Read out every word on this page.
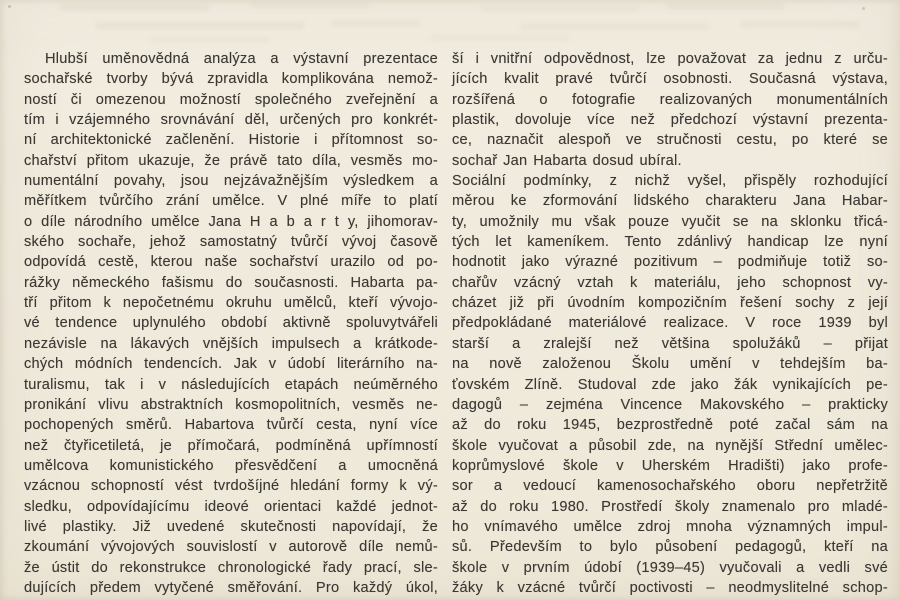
Hlubší uměnovědná analýza a výstavní prezentace
sochařské tvorby bývá zpravidla komplikována nemož-
ností či omezenou možností společného zveřejnění a
tím i vzájemného srovnávání děl, určených pro konkrét-
ní architektonické začlenění. Historie i přítomnost so-
chařství přitom ukazuje, že právě tato díla, vesměs mo-
numentální povahy, jsou nejzávažnějším výsledkem a
měřítkem tvůrčího zrání umělce. V plné míře to platí
o díle národního umělce Jana H a b a r t y, jihomorav-
ského sochaře, jehož samostatný tvůrčí vývoj časově
odpovídá cestě, kterou naše sochařství urazilo od po-
rážky německého fašismu do současnosti. Habarta pa-
tří přitom k nepočetnému okruhu umělců, kteří vývojo-
vé tendence uplynulého období aktivně spoluvytvářeli
nezávisle na lákavých vnějších impulsech a krátkode-
chých módních tendencích. Jak v údobí literárního na-
turalismu, tak i v následujících etapách neúměrného
pronikání vlivu abstraktních kosmopolitních, vesměs ne-
pochopených směrů. Habartova tvůrčí cesta, nyní více
než čtyřicetiletá, je přímočará, podmíněná upřímností
umělcova komunistického přesvědčení a umocněná
vzácnou schopností vést tvrdošíjné hledání formy k vý-
sledku, odpovídajícímu ideové orientaci každé jednot-
livé plastiky. Již uvedené skutečnosti napovídají, že
zkoumání vývojových souvislostí v autorově díle nemů-
že ústit do rekonstrukce chronologické řady prací, sle-
dujících předem vytyčené směřování. Pro každý úkol,
ší i vnitřní odpovědnost, lze považovat za jednu z urču-
jících kvalit pravé tvůrčí osobnosti. Současná výstava,
rozšířená o fotografie realizovaných monumentálních
plastik, dovoluje více než předchozí výstavní prezenta-
ce, naznačit alespoň ve stručnosti cestu, po které se
sochař Jan Habarta dosud ubíral.
Sociální podmínky, z nichž vyšel, přispěly rozhodující
měrou ke zformování lidského charakteru Jana Habar-
ty, umožnily mu však pouze vyučit se na sklonku třicá-
tých let kameníkem. Tento zdánlivý handicap lze nyní
hodnotit jako výrazné pozitivum – podmiňuje totiž so-
chařův vzácný vztah k materiálu, jeho schopnost vy-
cházet již při úvodním kompozičním řešení sochy z její
předpokládané materiálové realizace. V roce 1939 byl
starší a zralejší než většina spolužáků – přijat
na nově založenou Školu umění v tehdejším ba-
ťovském Zlíně. Studoval zde jako žák vynikajících pe-
dagogů – zejména Vincence Makovského – prakticky
až do roku 1945, bezprostředně poté začal sám na
škole vyučovat a působil zde, na nynější Střední umělec-
koprůmyslové škole v Uherském Hradišti) jako profe-
sor a vedoucí kamenosochařského oboru nepřetržitě
až do roku 1980. Prostředí školy znamenalo pro mladé-
ho vnímavého umělce zdroj mnoha významných impul-
sů. Především to bylo působení pedagogů, kteří na
škole v prvním údobí (1939–45) vyučovali a vedli své
žáky k vzácné tvůrčí poctivosti – neodmyslitelné schop-
